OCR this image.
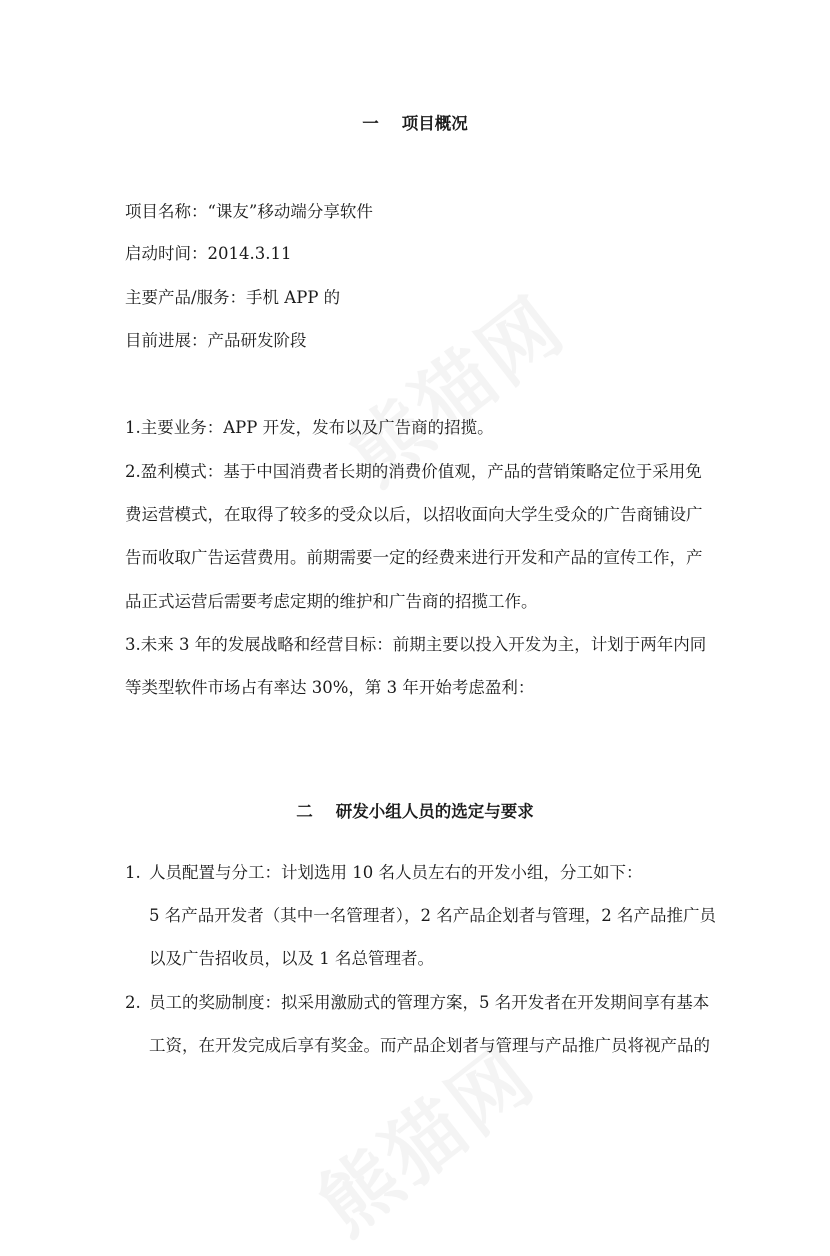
一    项目概况
项目名称：“课友”移动端分享软件
启动时间：2014.3.11
主要产品/服务：手机 APP 的
目前进展：产品研发阶段
1.主要业务：APP 开发，发布以及广告商的招揽。
2.盈利模式：基于中国消费者长期的消费价值观，产品的营销策略定位于采用免
费运营模式，在取得了较多的受众以后，以招收面向大学生受众的广告商铺设广
告而收取广告运营费用。前期需要一定的经费来进行开发和产品的宣传工作，产
品正式运营后需要考虑定期的维护和广告商的招揽工作。
3.未来 3 年的发展战略和经营目标：前期主要以投入开发为主，计划于两年内同
等类型软件市场占有率达 30%，第 3 年开始考虑盈利：
二    研发小组人员的选定与要求
1. 人员配置与分工：计划选用 10 名人员左右的开发小组，分工如下：
5 名产品开发者（其中一名管理者），2 名产品企划者与管理，2 名产品推广员
以及广告招收员，以及 1 名总管理者。
2. 员工的奖励制度：拟采用激励式的管理方案，5 名开发者在开发期间享有基本
工资，在开发完成后享有奖金。而产品企划者与管理与产品推广员将视产品的
